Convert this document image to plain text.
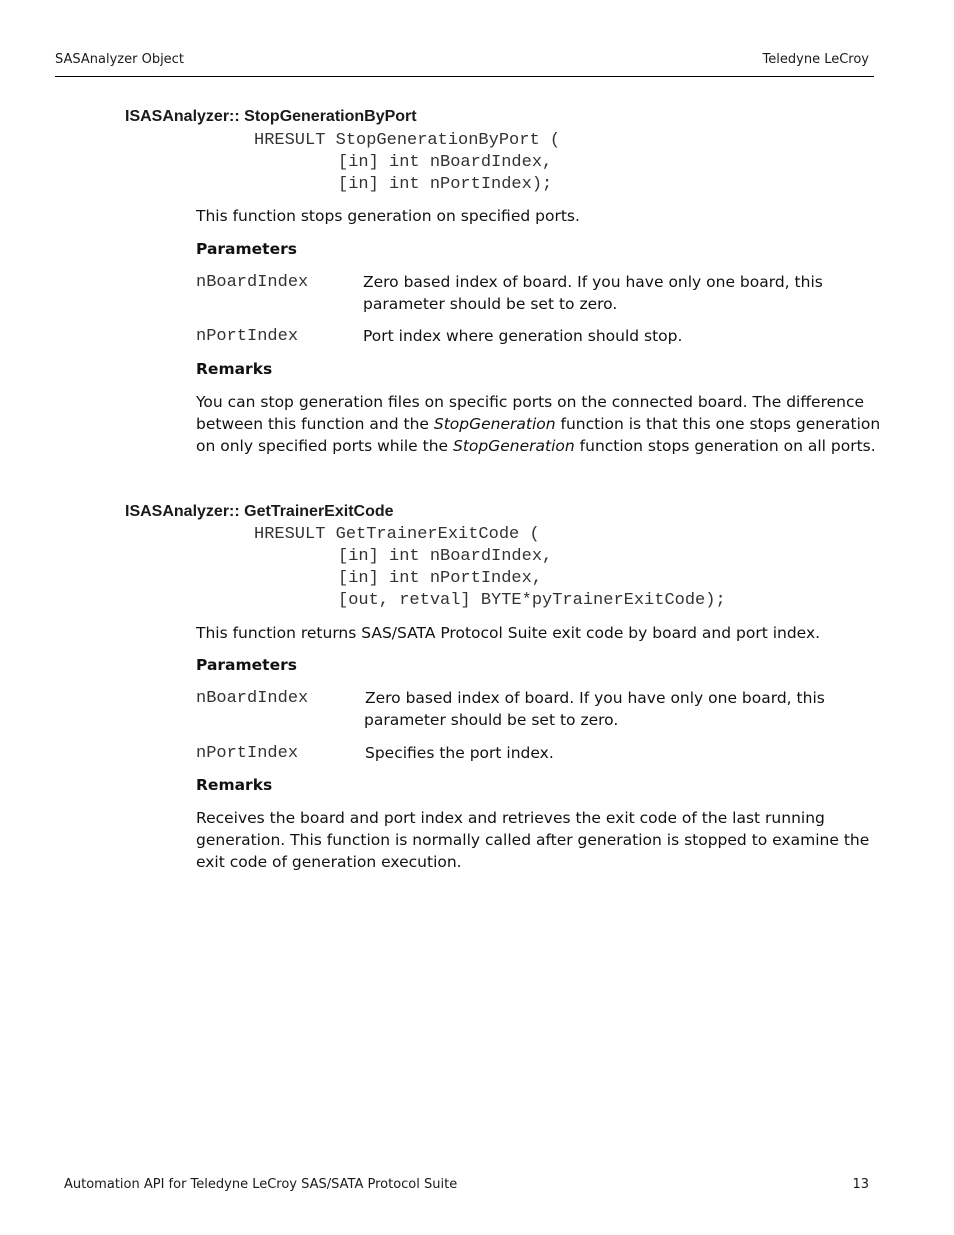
SASAnalyzer Object	Teledyne LeCroy
ISASAnalyzer:: StopGenerationByPort
HRESULT StopGenerationByPort (
[in] int nBoardIndex,
[in] int nPortIndex);
This function stops generation on specified ports.
Parameters
nBoardIndex	Zero based index of board. If you have only one board, this
parameter should be set to zero.
nPortIndex	Port index where generation should stop.
Remarks
You can stop generation files on specific ports on the connected board. The difference
between this function and the StopGeneration function is that this one stops generation
on only specified ports while the StopGeneration function stops generation on all ports.
ISASAnalyzer:: GetTrainerExitCode
HRESULT GetTrainerExitCode (
[in] int nBoardIndex,
[in] int nPortIndex,
[out, retval] BYTE*pyTrainerExitCode);
This function returns SAS/SATA Protocol Suite exit code by board and port index.
Parameters
nBoardIndex	Zero based index of board. If you have only one board, this
parameter should be set to zero.
nPortIndex	Specifies the port index.
Remarks
Receives the board and port index and retrieves the exit code of the last running
generation. This function is normally called after generation is stopped to examine the
exit code of generation execution.
Automation API for Teledyne LeCroy SAS/SATA Protocol Suite	13
